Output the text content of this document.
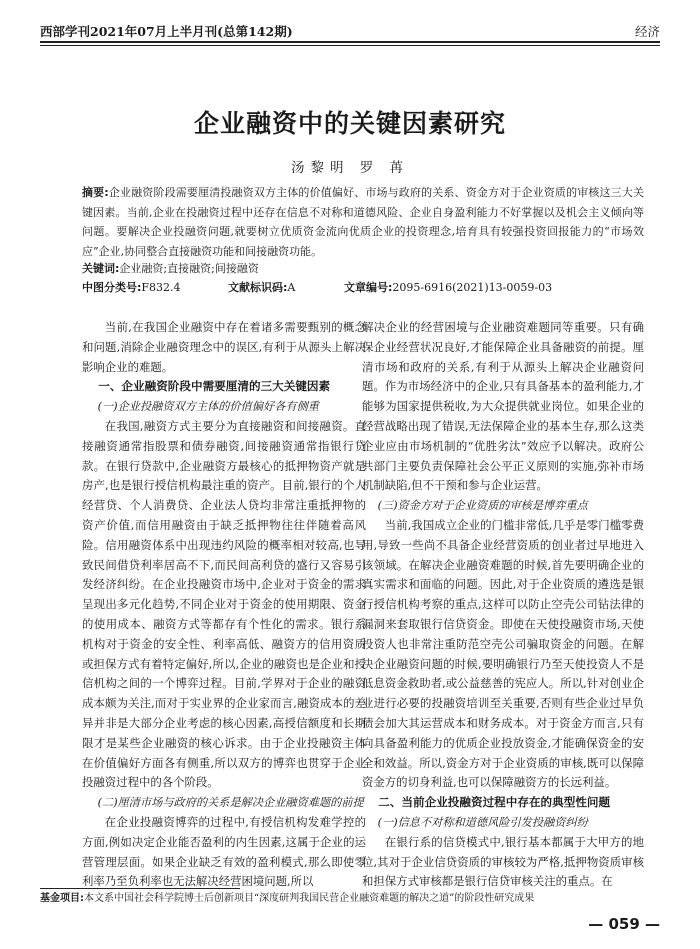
西部学刊2021年07月上半月刊(总第142期)	经济
企业融资中的关键因素研究
汤黎明 罗 苒
摘要:企业融资阶段需要厘清投融资双方主体的价值偏好、市场与政府的关系、资金方对于企业资质的审核这三大关键因素。当前,企业在投融资过程中还存在信息不对称和道德风险、企业自身盈利能力不好掌握以及机会主义倾向等问题。要解决企业投融资问题,就要树立优质资金流向优质企业的投资理念,培育具有较强投资回报能力的“市场效应”企业,协同整合直接融资功能和间接融资功能。
关键词:企业融资;直接融资;间接融资
中图分类号:F832.4	文献标识码:A	文章编号:2095-6916(2021)13-0059-03

当前,在我国企业融资中存在着诸多需要甄别的概念和问题,消除企业融资理念中的误区,有利于从源头上解决影响企业的难题。

一、企业融资阶段中需要厘清的三大关键因素

(一)企业投融资双方主体的价值偏好各有侧重

在我国,融资方式主要分为直接融资和间接融资。直接融资通常指股票和债券融资,间接融资通常指银行贷款。在银行贷款中,企业融资方最核心的抵押物资产就是房产,也是银行授信机构最注重的资产。目前,银行的个人经营贷、个人消费贷、企业法人贷均非常注重抵押物的资产价值,而信用融资由于缺乏抵押物往往伴随着高风险。信用融资体系中出现违约风险的概率相对较高,也导致民间借贷利率居高不下,而民间高利贷的盛行又容易引发经济纠纷。在企业投融资市场中,企业对于资金的需求呈现出多元化趋势,不同企业对于资金的使用期限、资金的使用成本、融资方式等都存有个性化的需求。银行系机构对于资金的安全性、利率高低、融资方的信用资质或担保方式有着特定偏好,所以,企业的融资也是企业和授信机构之间的一个博弈过程。目前,学界对于企业的融资成本颇为关注,而对于实业界的企业家而言,融资成本的差异并非是大部分企业考虑的核心因素,高授信额度和长期限才是某些企业融资的核心诉求。由于企业投融资主体在价值偏好方面各有侧重,所以双方的博弈也贯穿于企业投融资过程中的各个阶段。

(二)厘清市场与政府的关系是解决企业融资难题的前提

在企业投融资博弈的过程中,有授信机构发难学控的方面,例如决定企业能否盈利的内生因素,这属于企业的运营管理层面。如果企业缺乏有效的盈利模式,那么即使零利率乃至负利率也无法解决经营困境问题,所以

解决企业的经营困境与企业融资难题同等重要。只有确保企业经营状况良好,才能保障企业具备融资的前提。厘清市场和政府的关系,有利于从源头上解决企业融资问题。作为市场经济中的企业,只有具备基本的盈利能力,才能够为国家提供税收,为大众提供就业岗位。如果企业的经营战略出现了错误,无法保障企业的基本生存,那么这类企业应由市场机制的“优胜劣汰”效应予以解决。政府公共部门主要负责保障社会公平正义原则的实施,弥补市场机制缺陷,但不干预和参与企业运营。

(三)资金方对于企业资质的审核是博弈重点

当前,我国成立企业的门槛非常低,几乎是零门槛零费用,导致一些尚不具备企业经营资质的创业者过早地进入该领域。在解决企业融资难题的时候,首先要明确企业的真实需求和面临的问题。因此,对于企业资质的遴选是银行授信机构考察的重点,这样可以防止空壳公司钻法律的漏洞来套取银行信贷资金。即使在天使投融资市场,天使投资人也非常注重防范空壳公司骗取资金的问题。在解决企业融资问题的时候,要明确银行乃至天使投资人不是低息资金救助者,或公益慈善的宪应人。所以,针对创业企业进行必要的投融资培训至关重要,否则有些企业过早负债会加大其运营成本和财务成本。对于资金方而言,只有向具备盈利能力的优质企业投放资金,才能确保资金的安全和效益。所以,资金方对于企业资质的审核,既可以保障资金方的切身利益,也可以保障融资方的长远利益。

二、当前企业投融资过程中存在的典型性问题

(一)信息不对称和道德风险引发投融资纠纷

在银行系的信贷模式中,银行基本都属于大甲方的地位,其对于企业信贷资质的审核较为严格,抵押物资质审核和担保方式审核都是银行信贷审核关注的重点。在

基金项目:本文系中国社会科学院博士后创新项目“深度研判我国民营企业融资难题的解决之道”的阶段性研究成果
— 059 —
